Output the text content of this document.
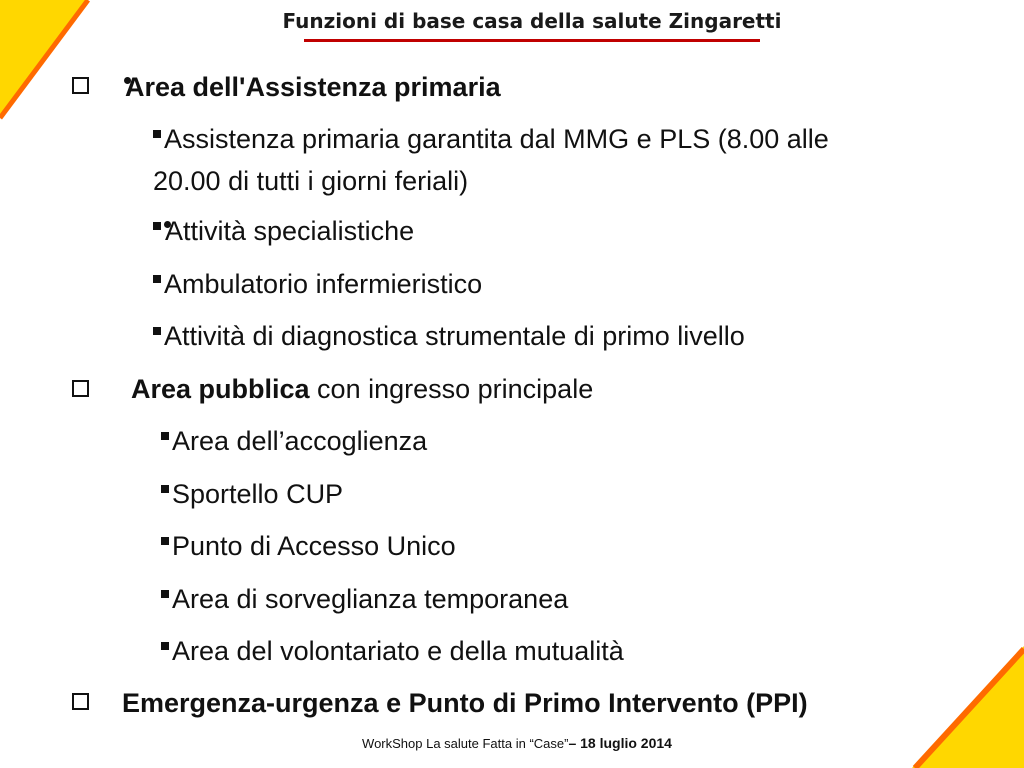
Funzioni di base casa della salute Zingaretti
Area dell'Assistenza primaria
Assistenza primaria garantita dal MMG e PLS (8.00 alle
20.00 di tutti i giorni feriali)
Attività specialistiche
Ambulatorio infermieristico
Attività di diagnostica strumentale di primo livello
Area pubblica con ingresso principale
Area dell’accoglienza
Sportello CUP
Punto di Accesso Unico
Area di sorveglianza temporanea
Area del volontariato e della mutualità
Emergenza-urgenza e Punto di Primo Intervento (PPI)
WorkShop La salute Fatta in “Case”– 18 luglio 2014
